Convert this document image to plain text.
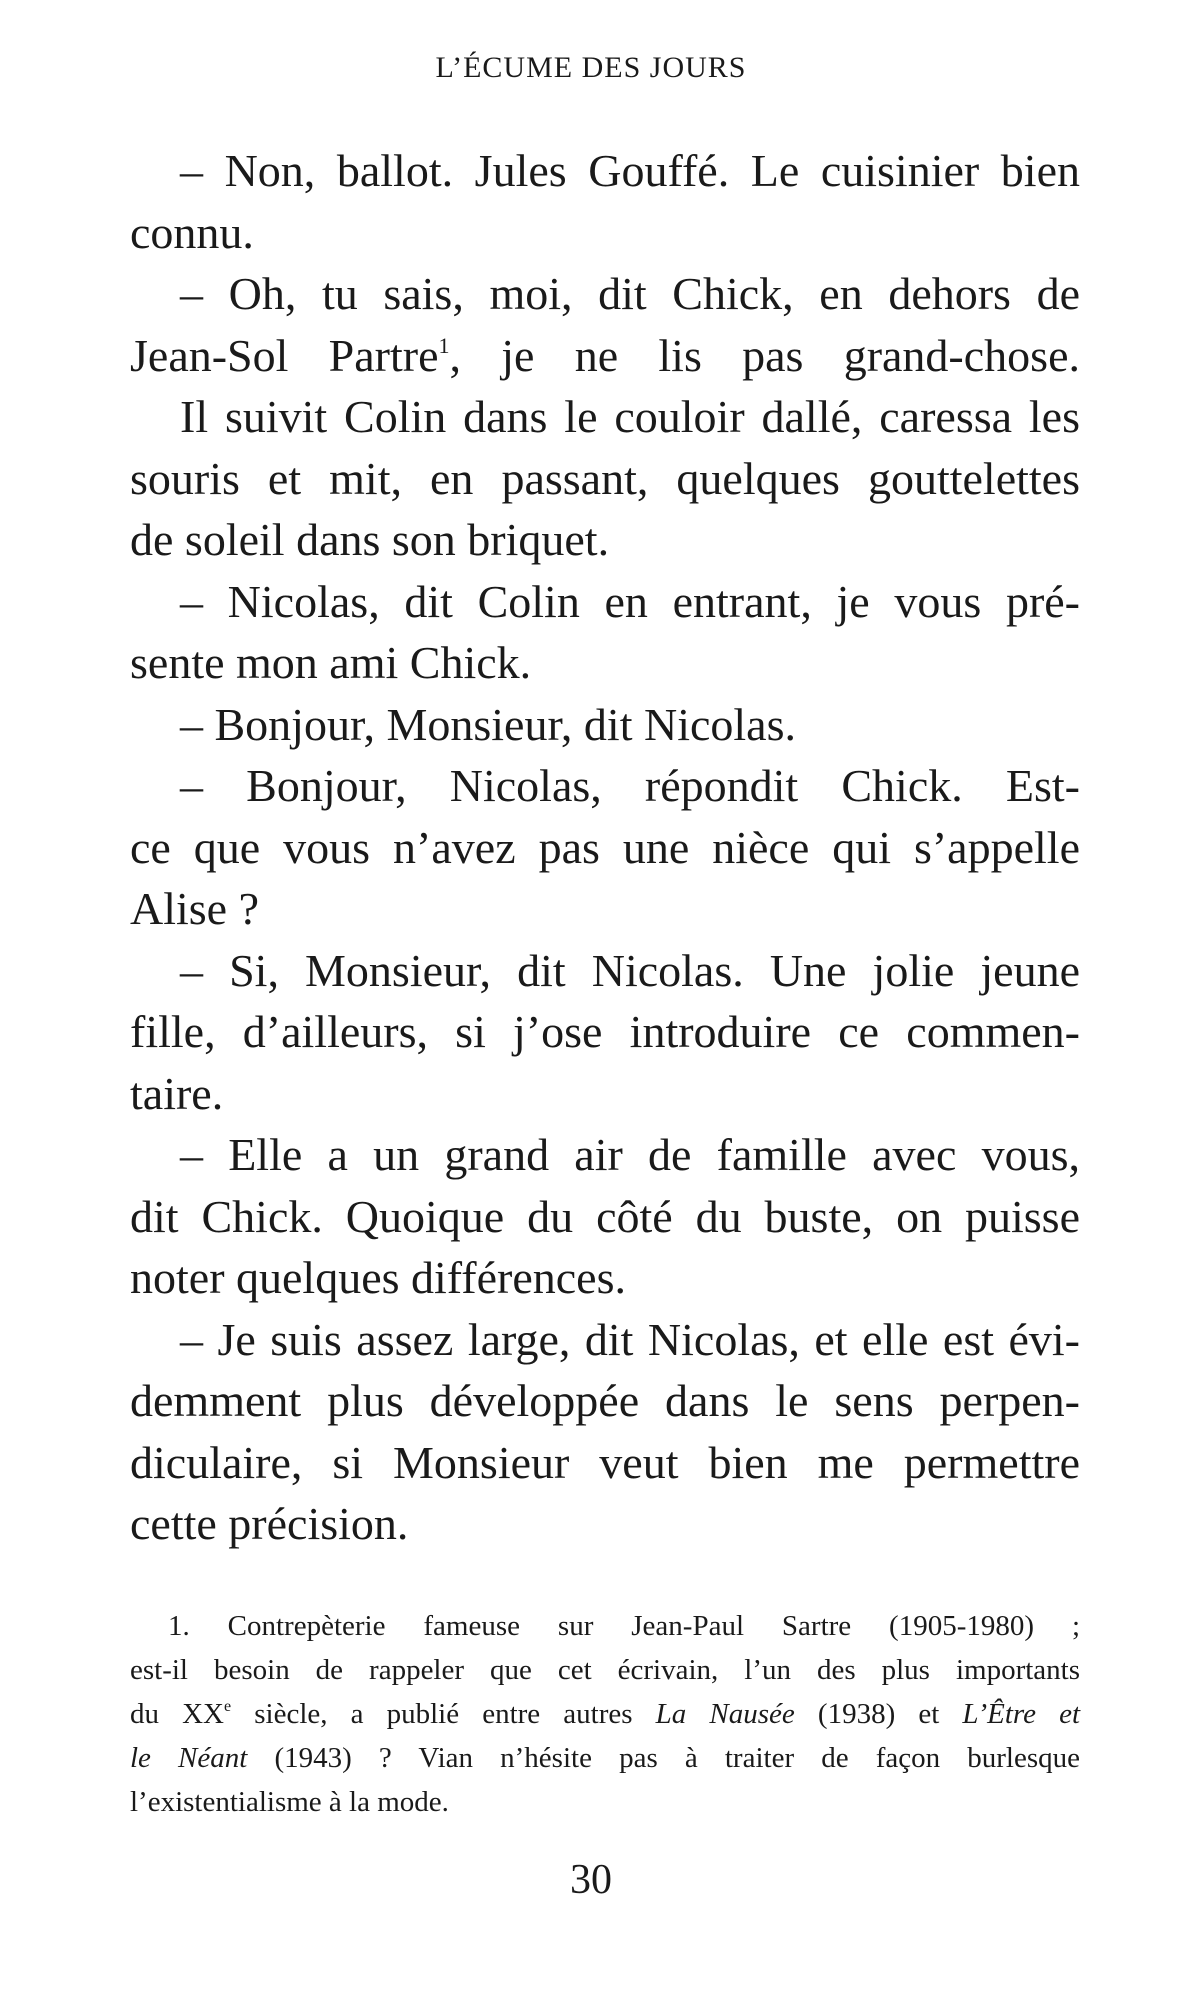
L’ÉCUME DES JOURS
– Non, ballot. Jules Gouffé. Le cuisinier bien
connu.
– Oh, tu sais, moi, dit Chick, en dehors de
Jean-Sol Partre$^1$, je ne lis pas grand-chose.
Il suivit Colin dans le couloir dallé, caressa les
souris et mit, en passant, quelques gouttelettes
de soleil dans son briquet.
– Nicolas, dit Colin en entrant, je vous pré-
sente mon ami Chick.
– Bonjour, Monsieur, dit Nicolas.
– Bonjour, Nicolas, répondit Chick. Est-
ce que vous n’avez pas une nièce qui s’appelle
Alise ?
– Si, Monsieur, dit Nicolas. Une jolie jeune
fille, d’ailleurs, si j’ose introduire ce commen-
taire.
– Elle a un grand air de famille avec vous,
dit Chick. Quoique du côté du buste, on puisse
noter quelques différences.
– Je suis assez large, dit Nicolas, et elle est évi-
demment plus développée dans le sens perpen-
diculaire, si Monsieur veut bien me permettre
cette précision.
1. Contrepèterie fameuse sur Jean-Paul Sartre (1905-1980) ;
est-il besoin de rappeler que cet écrivain, l’un des plus importants
du XXe siècle, a publié entre autres La Nausée (1938) et L’Être et
le Néant (1943) ? Vian n’hésite pas à traiter de façon burlesque
l’existentialisme à la mode.
30
